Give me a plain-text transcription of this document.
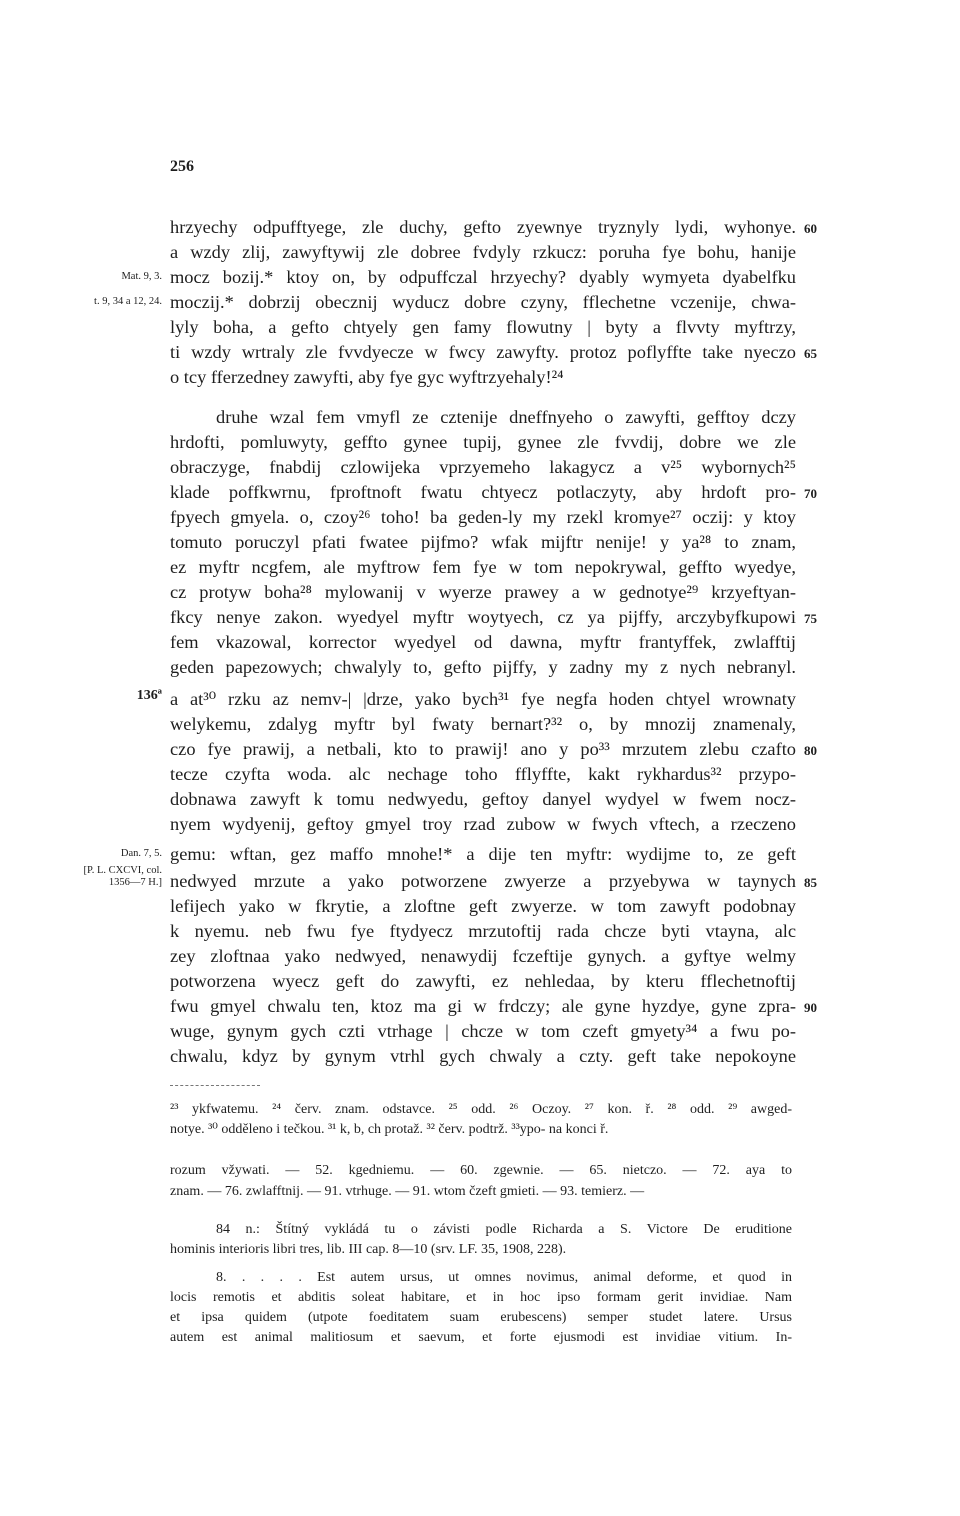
256
hrzyechy odpufftyege, zle duchy, gefto zyewnye tryznyly lydi, wyhonye.
a wzdy zlij, zawyftywij zle dobree fvdyly rzkucz: poruha fye bohu, hanije
mocz bozij.* ktoy on, by odpuffczal hrzyechy? dyably wymyeta dyabelfku
moczij.* dobrzij obecznij wyducz dobre czyny, fflechetne vczenije, chwa-
lyly boha, a gefto chtyely gen famy flowutny | byty a flvvty myftrzy,
ti wzdy wrtraly zle fvvdyecze w fwcy zawyfty. protoz poflyffte take nyeczo
o tcy fferzedney zawyfti, aby fye gyc wyftrzyehaly!²⁴
druhe wzal fem vmyfl ze cztenije dneffnyeho o zawyfti, gefftoy dczy
hrdofti, pomluwyty, geffto gynee tupij, gynee zle fvvdij, dobre we zle
obraczyge, fnabdij czlowijeka vprzyemeho lakagycz a v²⁵ wybornych²⁵
klade poffkwrnu, fproftnoft fwatu chtyecz potlaczyty, aby hrdoft pro-
fpyech gmyela. o, czoy²⁶ toho! ba geden-ly my rzekl kromye²⁷ oczij: y ktoy
tomuto poruczyl pfati fwatee pijfmo? wfak mijftr nenije! y ya²⁸ to znam,
ez myftr ncgfem, ale myftrow fem fye w tom nepokrywal, geffto wyedye,
cz protyw boha²⁸ mylowanij v wyerze prawey a w gednotye²⁹ krzyeftyan-
fkcy nenye zakon. wyedyel myftr woytyech, cz ya pijffy, arczybyfkupowi
fem vkazowal, korrector wyedyel od dawna, myftr frantyffek, zwlafftij
geden papezowych; chwalyly to, gefto pijffy, y zadny my z nych nebranyl.
a at³⁰ rzku az nemv-| |drze, yako bych³¹ fye negfa hoden chtyel wrownaty
welykemu, zdalyg myftr byl fwaty bernart?³² o, by mnozij znamenaly,
czo fye prawij, a netbali, kto to prawij! ano y po³³ mrzutem zlebu czafto
tecze czyfta woda. alc nechage toho fflyffte, kakt rykhardus³² przypo-
dobnawa zawyft k tomu nedwyedu, geftoy danyel wydyel w fwem nocz-
nyem wydyenij, geftoy gmyel troy rzad zubow w fwych vftech, a rzeczeno
gemu: wftan, gez maffo mnohe!* a dije ten myftr: wydijme to, ze geft
nedwyed mrzute a yako potworzene zwyerze a przyebywa w taynych
lefijech yako w fkrytie, a zloftne geft zwyerze. w tom zawyft podobnay
k nyemu. neb fwu fye ftydyecz mrzutoftij rada chcze byti vtayna, alc
zey zloftnaa yako nedwyed, nenawydij fczeftije gynych. a gyftye welmy
potworzena wyecz geft do zawyfti, ez nehledaa, by kteru fflechetnoftij
fwu gmyel chwalu ten, ktoz ma gi w frdczy; ale gyne hyzdye, gyne zpra-
wuge, gynym gych czti vtrhage | chcze w tom czeft gmyety³⁴ a fwu po-
chwalu, kdyz by gynym vtrhl gych chwaly a czty. geft take nepokoyne
60
65
70
75
80
85
90
Mat. 9, 3.
t. 9, 34 a 12, 24.
136ª
Dan. 7, 5.
[P. L. CXCVI, col.
1356—7 H.]
²³ ykfwatemu. ²⁴ červ. znam. odstavce. ²⁵ odd. ²⁶ Oczoy. ²⁷ kon. ř. ²⁸ odd. ²⁹ awged-
notye. ³⁰ odděleno i tečkou. ³¹ k, b, ch protaž. ³² červ. podtrž. ³³ypo- na konci ř.
rozum vžywati. — 52. kgedniemu. — 60. zgewnie. — 65. nietczo. — 72. aya to
znam. — 76. zwlafftnij. — 91. vtrhuge. — 91. wtom čzeft gmieti. — 93. temierz. —
84 n.: Štítný vykládá tu o závisti podle Richarda a S. Victore De eruditione
hominis interioris libri tres, lib. III cap. 8—10 (srv. LF. 35, 1908, 228).
8. . . . . Est autem ursus, ut omnes novimus, animal deforme, et quod in
locis remotis et abditis soleat habitare, et in hoc ipso formam gerit invidiae. Nam
et ipsa quidem (utpote foeditatem suam erubescens) semper studet latere. Ursus
autem est animal malitiosum et saevum, et forte ejusmodi est invidiae vitium. In-
